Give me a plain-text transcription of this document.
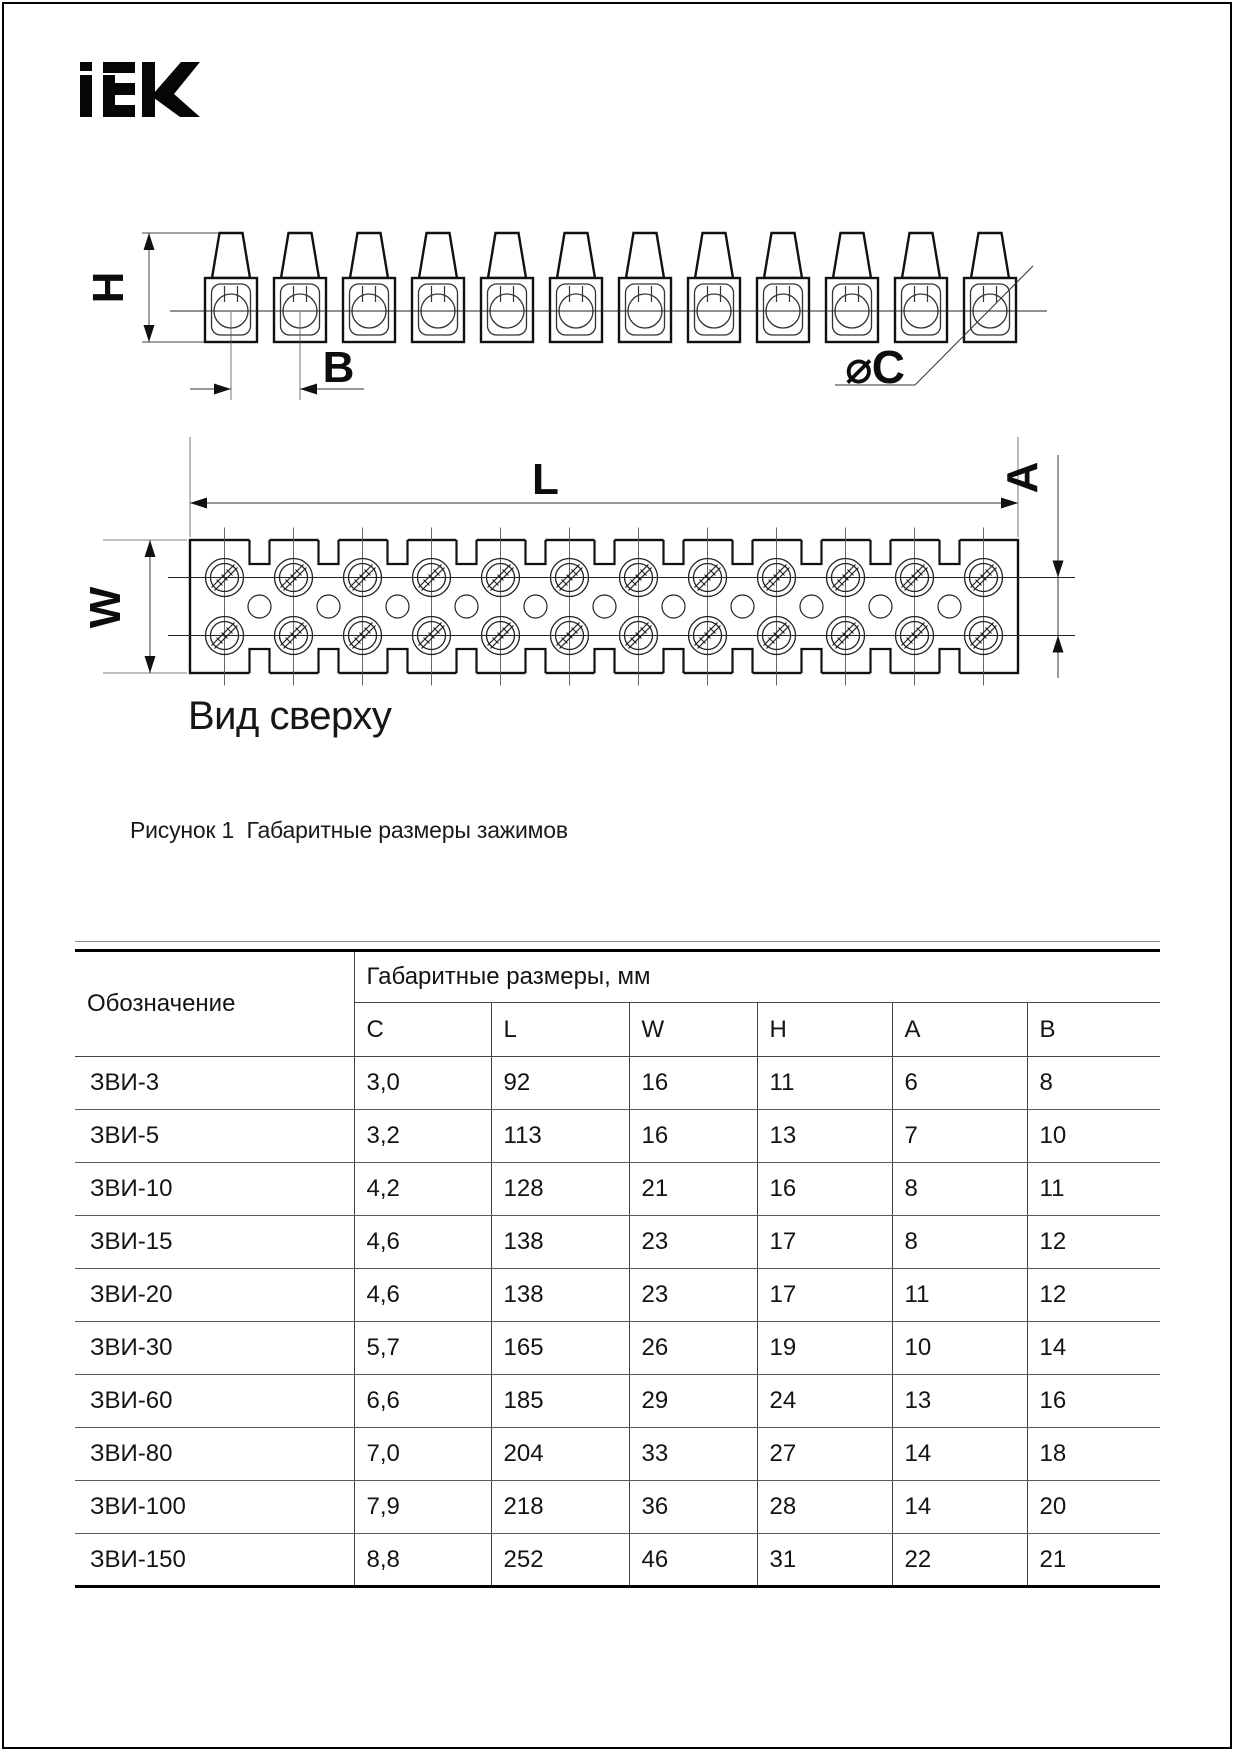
H
B	⌀C
L
W
A
Вид сверху
Рисунок 1  Габаритные размеры зажимов
Обозначение	Габаритные размеры, мм					
	C	L	W	H	A	B
ЗВИ-3	3,0	92	16	11	6	8
ЗВИ-5	3,2	113	16	13	7	10
ЗВИ-10	4,2	128	21	16	8	11
ЗВИ-15	4,6	138	23	17	8	12
ЗВИ-20	4,6	138	23	17	11	12
ЗВИ-30	5,7	165	26	19	10	14
ЗВИ-60	6,6	185	29	24	13	16
ЗВИ-80	7,0	204	33	27	14	18
ЗВИ-100	7,9	218	36	28	14	20
ЗВИ-150	8,8	252	46	31	22	21
